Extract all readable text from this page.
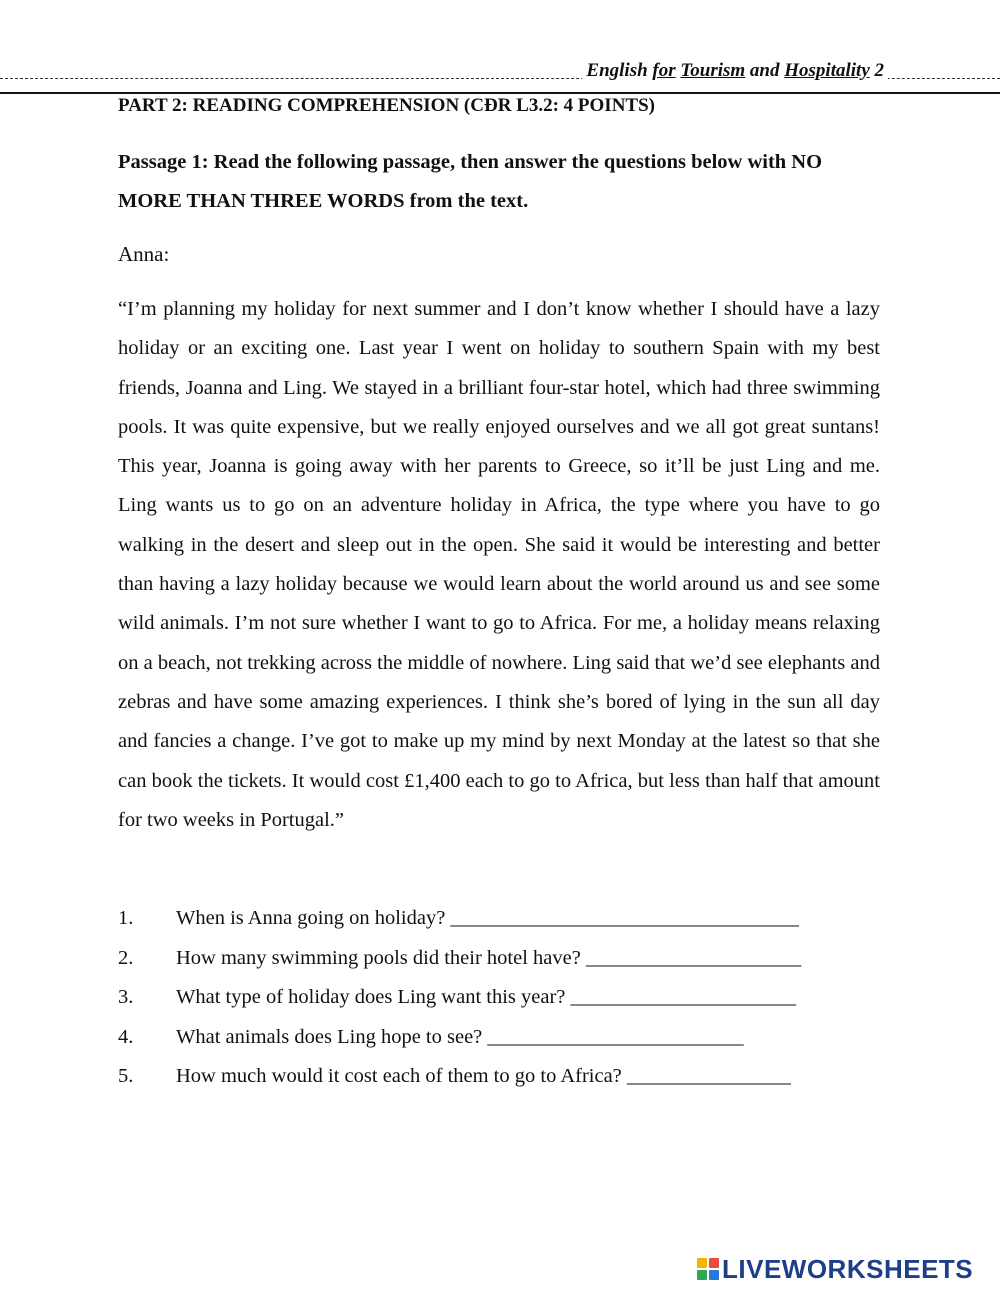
English for Tourism and Hospitality 2
PART 2: READING COMPREHENSION (CĐR L3.2: 4 POINTS)

Passage 1: Read the following passage, then answer the questions below with NO MORE THAN THREE WORDS from the text.

Anna:

“I’m planning my holiday for next summer and I don’t know whether I should have a lazy holiday or an exciting one. Last year I went on holiday to southern Spain with my best friends, Joanna and Ling. We stayed in a brilliant four-star hotel, which had three swimming pools. It was quite expensive, but we really enjoyed ourselves and we all got great suntans! This year, Joanna is going away with her parents to Greece, so it’ll be just Ling and me. Ling wants us to go on an adventure holiday in Africa, the type where you have to go walking in the desert and sleep out in the open. She said it would be interesting and better than having a lazy holiday because we would learn about the world around us and see some wild animals. I’m not sure whether I want to go to Africa. For me, a holiday means relaxing on a beach, not trekking across the middle of nowhere. Ling said that we’d see elephants and zebras and have some amazing experiences. I think she’s bored of lying in the sun all day and fancies a change. I’ve got to make up my mind by next Monday at the latest so that she can book the tickets. It would cost £1,400 each to go to Africa, but less than half that amount for two weeks in Portugal.”

1.	When is Anna going on holiday? __________________________________
2.	How many swimming pools did their hotel have? _____________________
3.	What type of holiday does Ling want this year? ______________________
4.	What animals does Ling hope to see? _________________________
5.	How much would it cost each of them to go to Africa? ________________
LIVEWORKSHEETS
